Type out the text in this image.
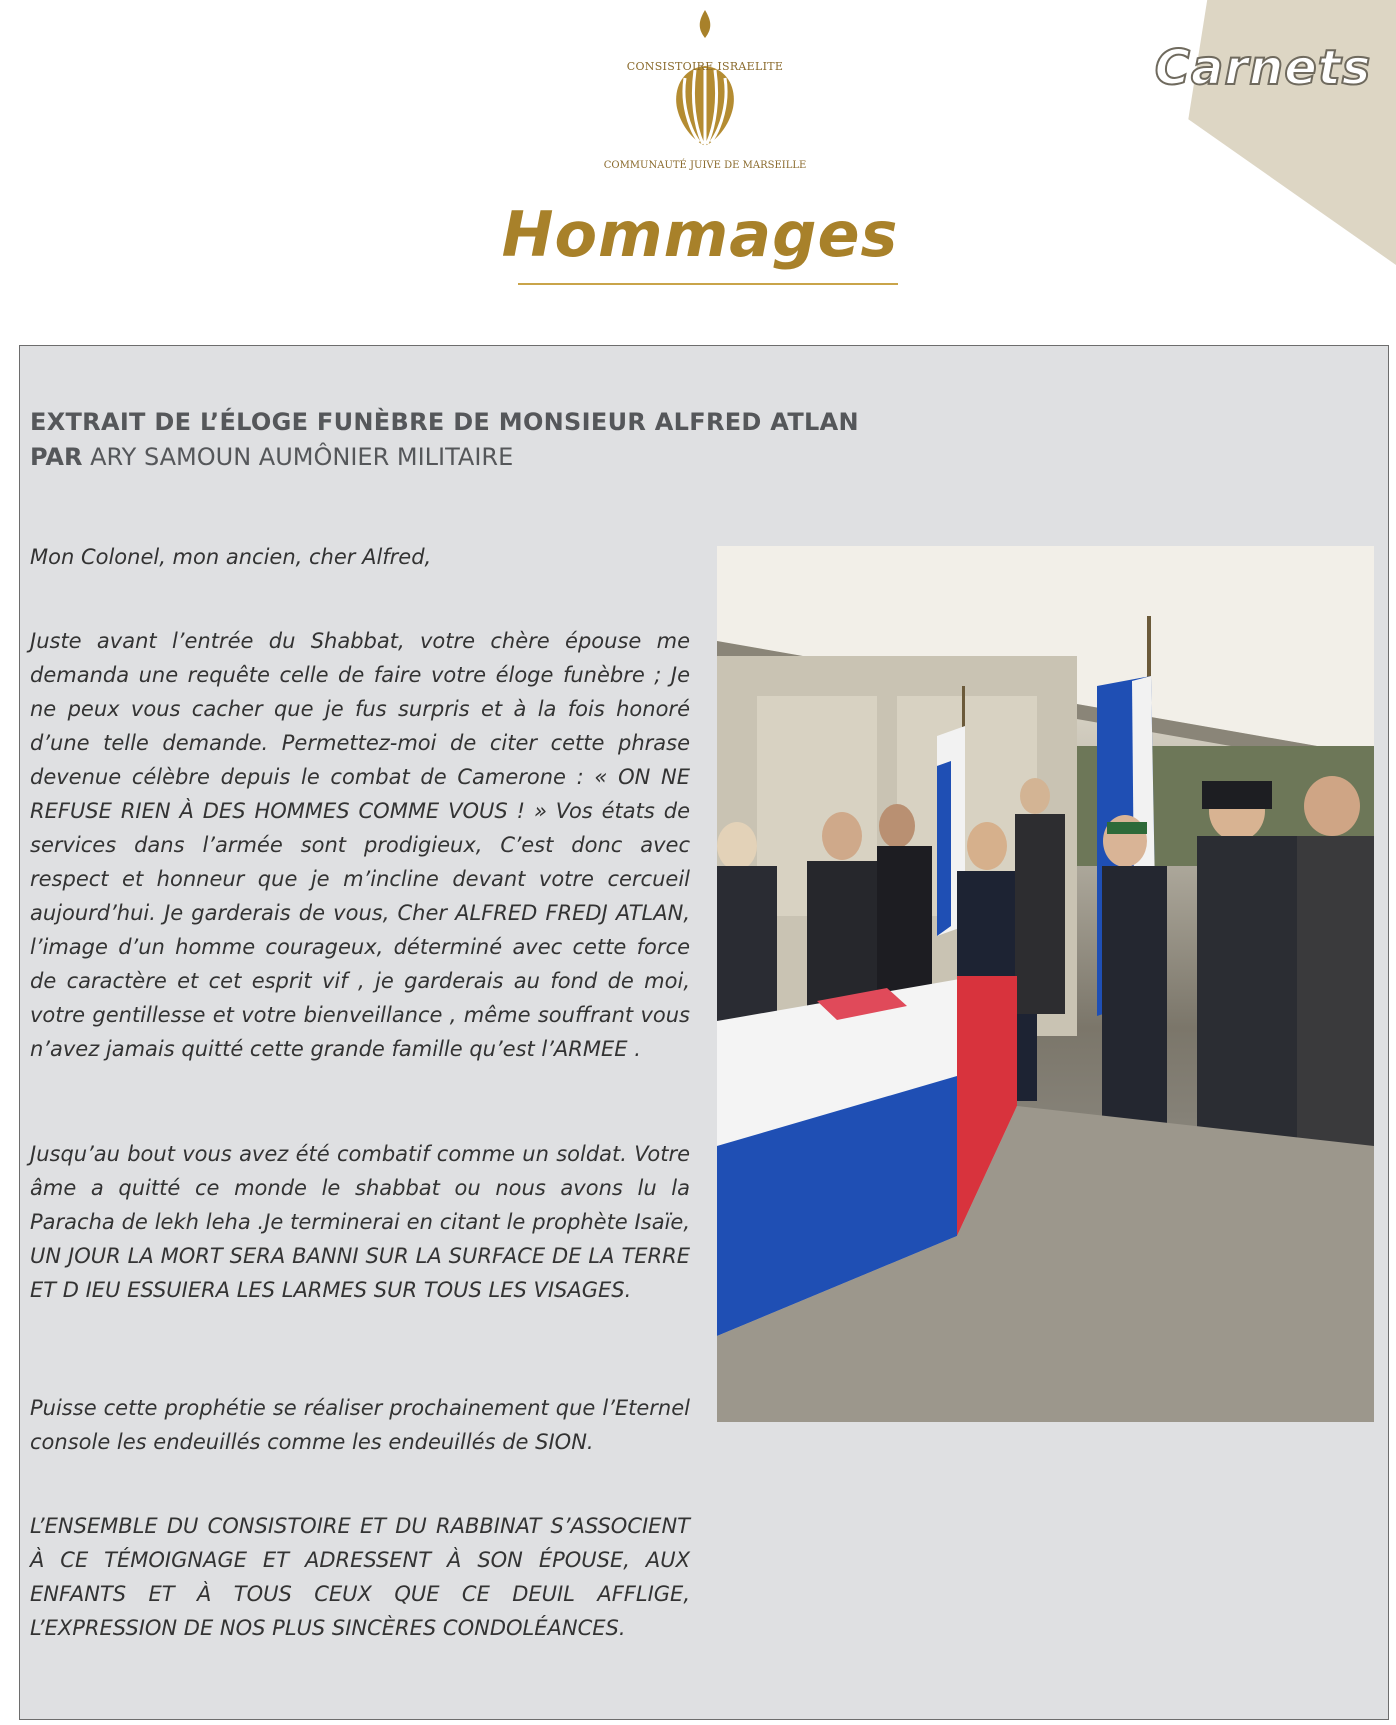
Carnets
CONSISTOIRE ISRAELITE
COMMUNAUTÉ JUIVE DE MARSEILLE
Hommages
EXTRAIT DE L’ÉLOGE FUNÈBRE DE MONSIEUR ALFRED ATLAN
PAR ARY SAMOUN AUMÔNIER MILITAIRE

Mon Colonel, mon ancien, cher Alfred,

Juste avant l’entrée du Shabbat, votre chère épouse me demanda une requête celle de faire votre éloge funèbre ; Je ne peux vous cacher que je fus surpris et à la fois honoré d’une telle demande. Permettez-moi de citer cette phrase devenue célèbre depuis le combat de Camerone : « ON NE REFUSE RIEN À DES HOMMES COMME VOUS ! » Vos états de services dans l’armée sont prodigieux, C’est donc avec respect et honneur que je m’incline devant votre cercueil aujourd’hui. Je garderais de vous, Cher ALFRED FREDJ ATLAN, l’image d’un homme courageux, déterminé avec cette force de caractère et cet esprit vif , je garderais au fond de moi, votre gentillesse et votre bienveillance , même souffrant vous n’avez jamais quitté cette grande famille qu’est l’ARMEE .

Jusqu’au bout vous avez été combatif comme un soldat. Votre âme a quitté ce monde le shabbat ou nous avons lu la Paracha de lekh leha .Je terminerai en citant le prophète Isaïe, UN JOUR LA MORT SERA BANNI SUR LA SURFACE DE LA TERRE ET D IEU ESSUIERA LES LARMES SUR TOUS LES VISAGES.

Puisse cette prophétie se réaliser prochainement que l’Eternel console les endeuillés comme les endeuillés de SION.

L’ENSEMBLE DU CONSISTOIRE ET DU RABBINAT S’ASSOCIENT À CE TÉMOIGNAGE ET ADRESSENT À SON ÉPOUSE, AUX ENFANTS ET À TOUS CEUX QUE CE DEUIL AFFLIGE, L’EXPRESSION DE NOS PLUS SINCÈRES CONDOLÉANCES.
